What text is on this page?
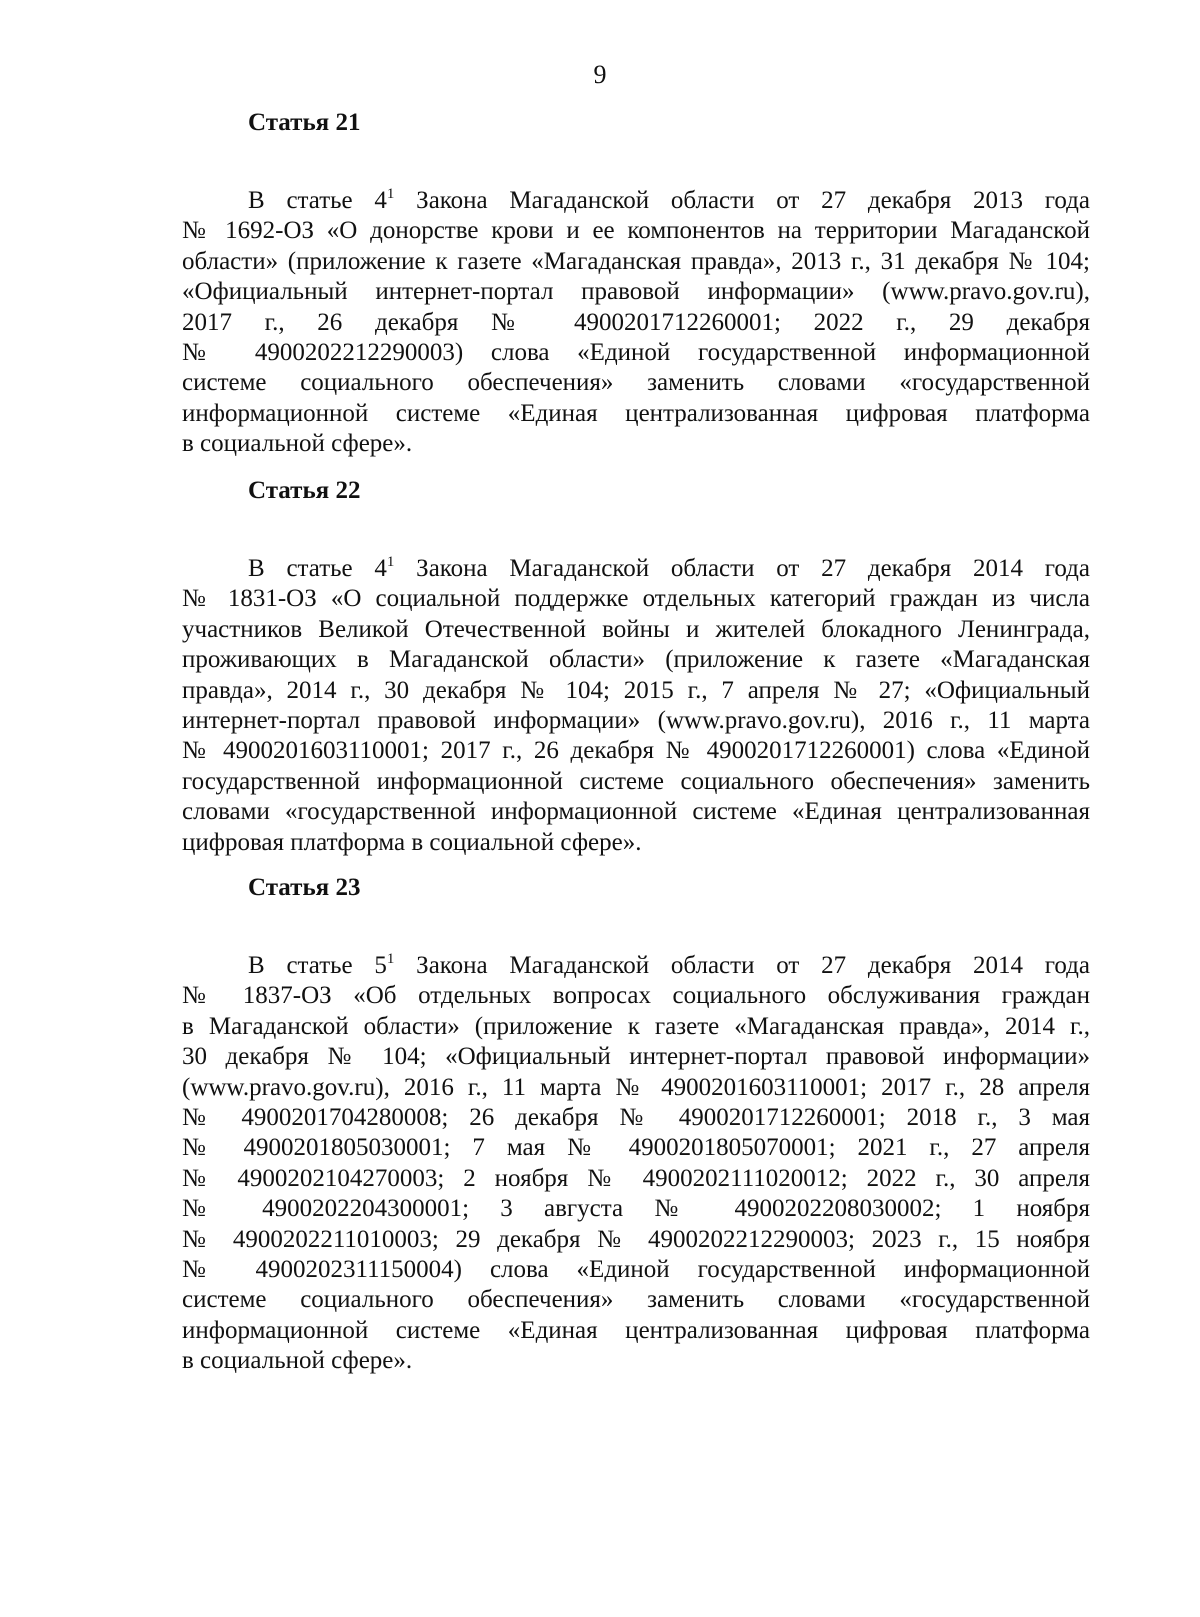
9
Статья 21
В статье $4^1$ Закона Магаданской области от 27 декабря 2013 года
№ 1692-ОЗ «О донорстве крови и ее компонентов на территории Магаданской
области» (приложение к газете «Магаданская правда», 2013 г., 31 декабря № 104;
«Официальный интернет-портал правовой информации» (www.pravo.gov.ru),
2017 г., 26 декабря № 4900201712260001; 2022 г., 29 декабря
№ 4900202212290003) слова «Единой государственной информационной
системе социального обеспечения» заменить словами «государственной
информационной системе «Единая централизованная цифровая платформа
в социальной сфере».
Статья 22
В статье $4^1$ Закона Магаданской области от 27 декабря 2014 года
№ 1831-ОЗ «О социальной поддержке отдельных категорий граждан из числа
участников Великой Отечественной войны и жителей блокадного Ленинграда,
проживающих в Магаданской области» (приложение к газете «Магаданская
правда», 2014 г., 30 декабря № 104; 2015 г., 7 апреля № 27; «Официальный
интернет-портал правовой информации» (www.pravo.gov.ru), 2016 г., 11 марта
№ 4900201603110001; 2017 г., 26 декабря № 4900201712260001) слова «Единой
государственной информационной системе социального обеспечения» заменить
словами «государственной информационной системе «Единая централизованная
цифровая платформа в социальной сфере».
Статья 23
В статье $5^1$ Закона Магаданской области от 27 декабря 2014 года
№ 1837-ОЗ «Об отдельных вопросах социального обслуживания граждан
в Магаданской области» (приложение к газете «Магаданская правда», 2014 г.,
30 декабря № 104; «Официальный интернет-портал правовой информации»
(www.pravo.gov.ru), 2016 г., 11 марта № 4900201603110001; 2017 г., 28 апреля
№ 4900201704280008; 26 декабря № 4900201712260001; 2018 г., 3 мая
№ 4900201805030001; 7 мая № 4900201805070001; 2021 г., 27 апреля
№ 4900202104270003; 2 ноября № 4900202111020012; 2022 г., 30 апреля
№ 4900202204300001; 3 августа № 4900202208030002; 1 ноября
№ 4900202211010003; 29 декабря № 4900202212290003; 2023 г., 15 ноября
№ 4900202311150004) слова «Единой государственной информационной
системе социального обеспечения» заменить словами «государственной
информационной системе «Единая централизованная цифровая платформа
в социальной сфере».
